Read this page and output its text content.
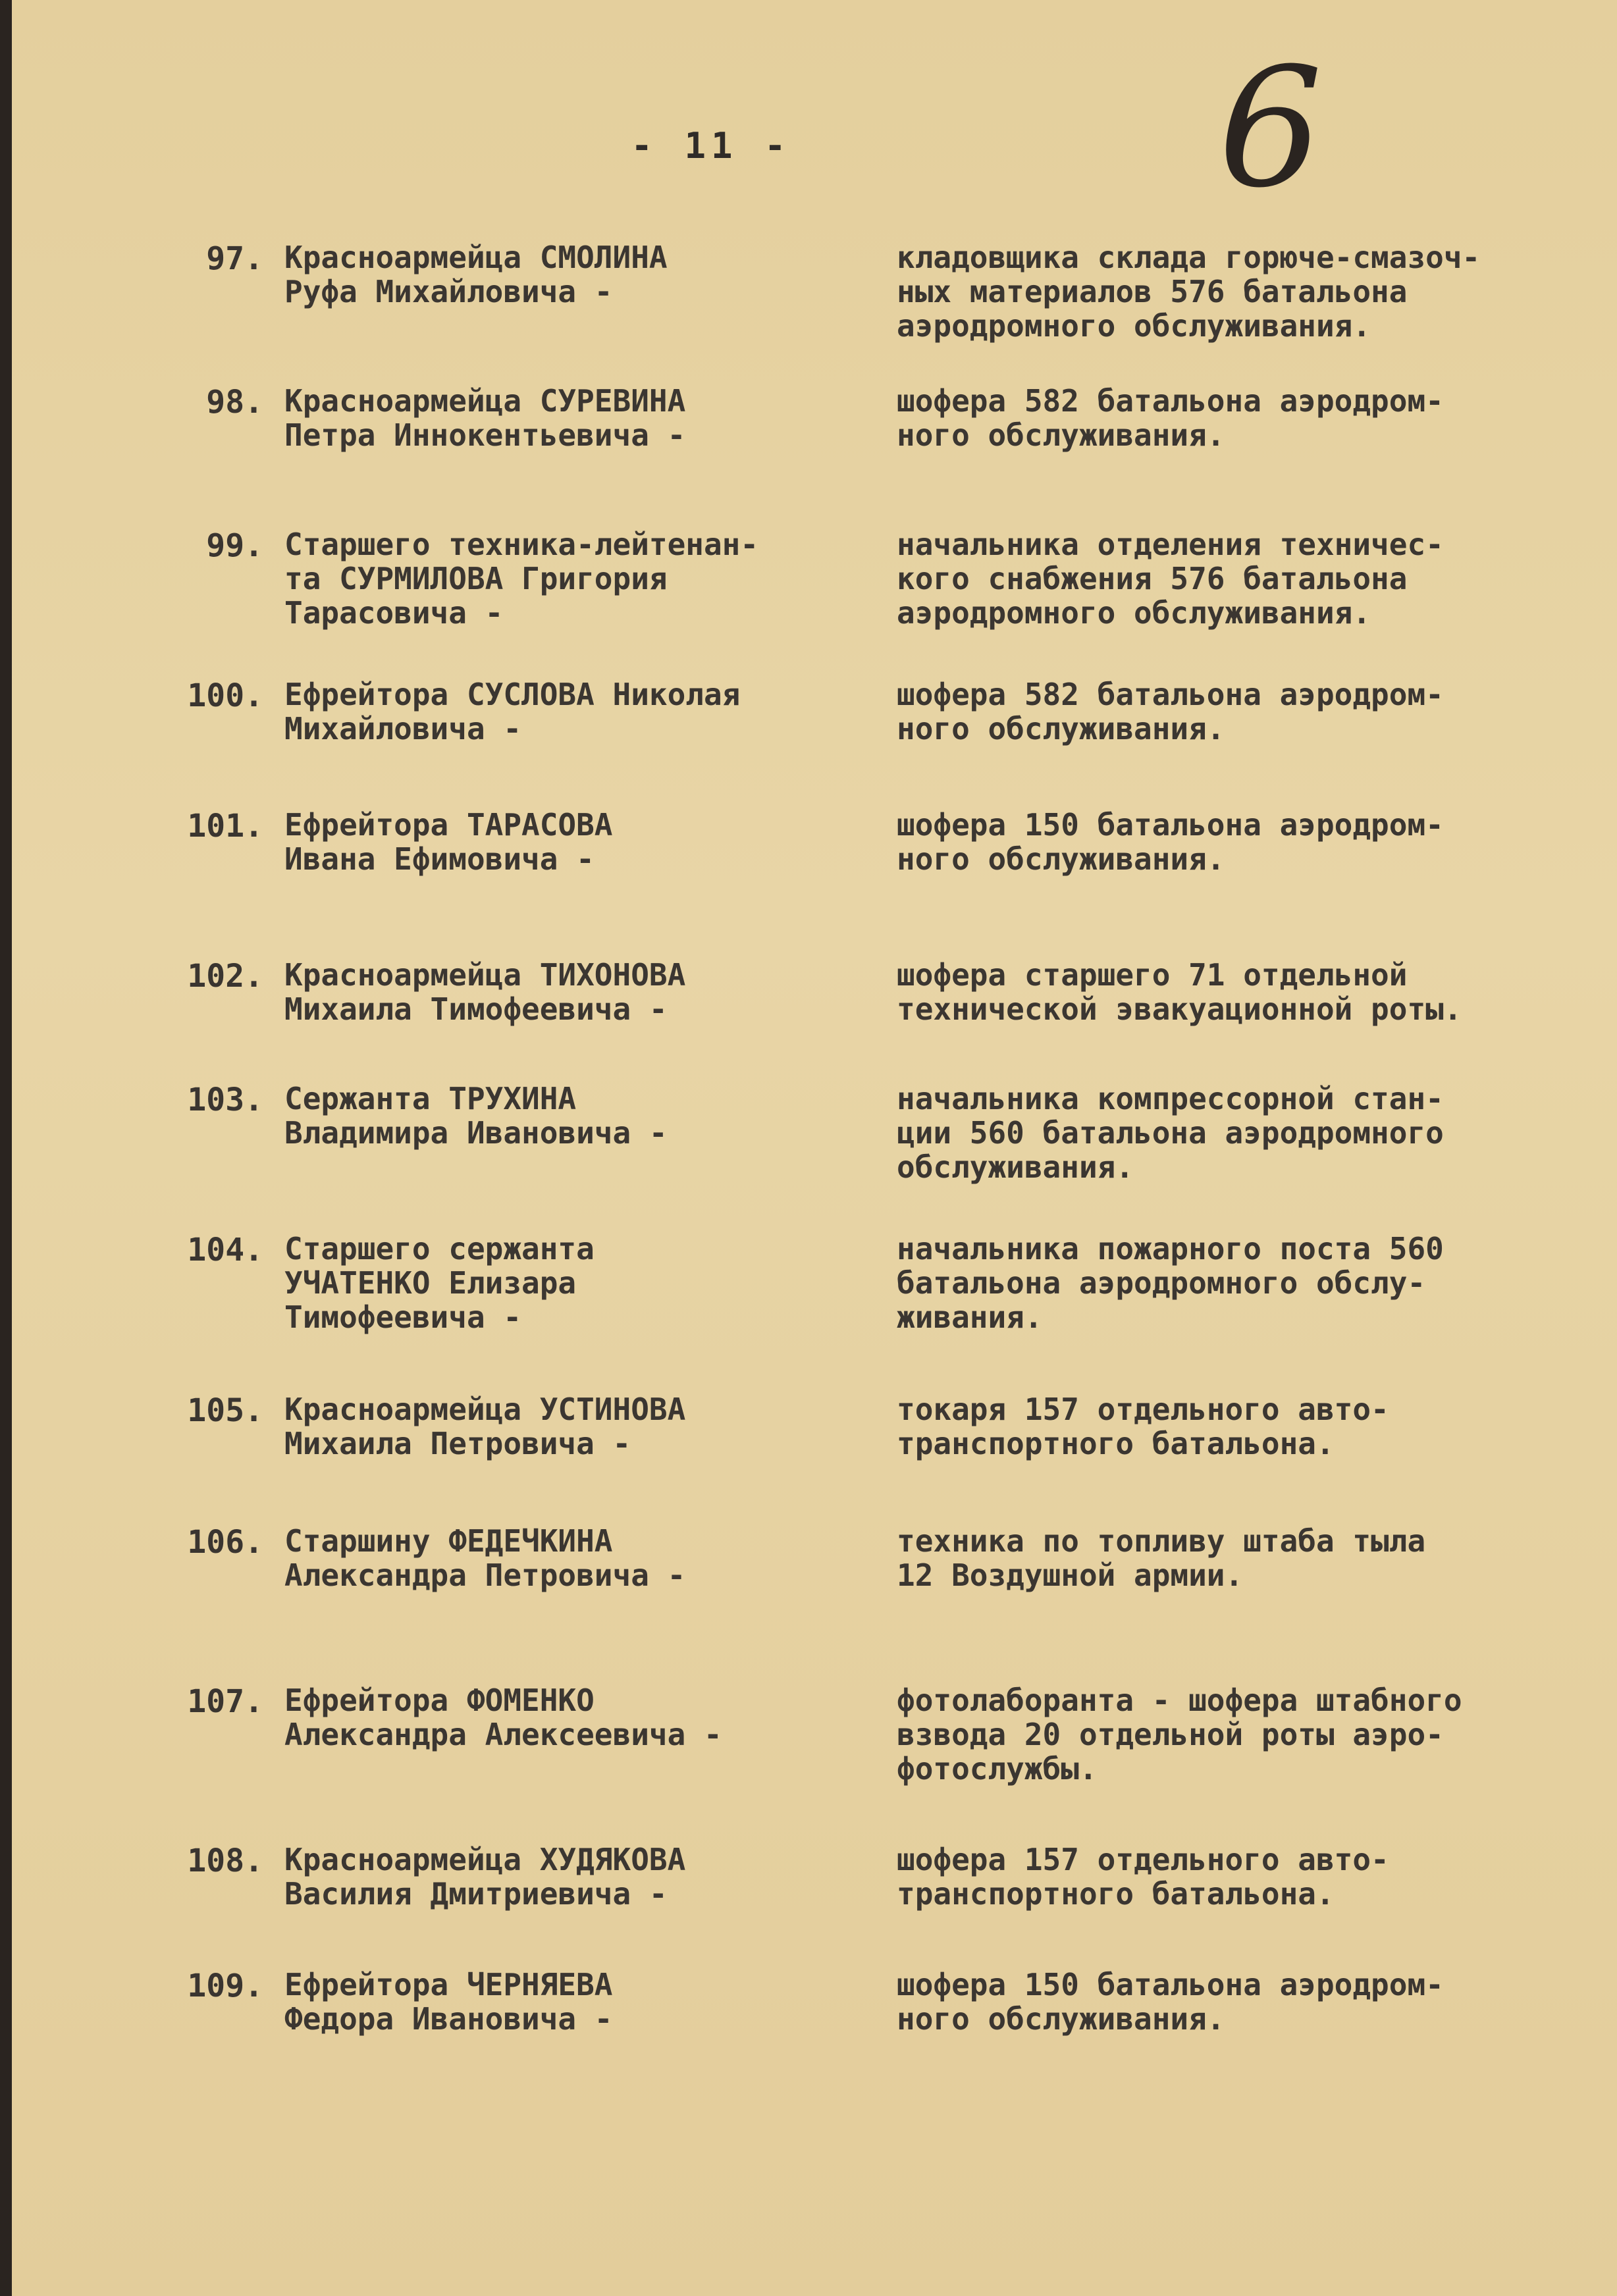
- 11 -	6
97. Красноармейца СМОЛИНА
Руфа Михайловича -
кладовщика склада горюче-смазоч-
ных материалов 576 батальона
аэродромного обслуживания.
98. Красноармейца СУРЕВИНА
Петра Иннокентьевича -
шофера 582 батальона аэродром-
ного обслуживания.
99. Старшего техника-лейтенан-
та СУРМИЛОВА Григория
Тарасовича -
начальника отделения техничес-
кого снабжения 576 батальона
аэродромного обслуживания.
100. Ефрейтора СУСЛОВА Николая
Михайловича -
шофера 582 батальона аэродром-
ного обслуживания.
101. Ефрейтора ТАРАСОВА
Ивана Ефимовича -
шофера 150 батальона аэродром-
ного обслуживания.
102. Красноармейца ТИХОНОВА
Михаила Тимофеевича -
шофера старшего 71 отдельной
технической эвакуационной роты.
103. Сержанта ТРУХИНА
Владимира Ивановича -
начальника компрессорной стан-
ции 560 батальона аэродромного
обслуживания.
104. Старшего сержанта
УЧАТЕНКО Елизара
Тимофеевича -
начальника пожарного поста 560
батальона аэродромного обслу-
живания.
105. Красноармейца УСТИНОВА
Михаила Петровича -
токаря 157 отдельного авто-
транспортного батальона.
106. Старшину ФЕДЕЧКИНА
Александра Петровича -
техника по топливу штаба тыла
12 Воздушной армии.
107. Ефрейтора ФОМЕНКО
Александра Алексеевича -
фотолаборанта - шофера штабного
взвода 20 отдельной роты аэро-
фотослужбы.
108. Красноармейца ХУДЯКОВА
Василия Дмитриевича -
шофера 157 отдельного авто-
транспортного батальона.
109. Ефрейтора ЧЕРНЯЕВА
Федора Ивановича -
шофера 150 батальона аэродром-
ного обслуживания.
